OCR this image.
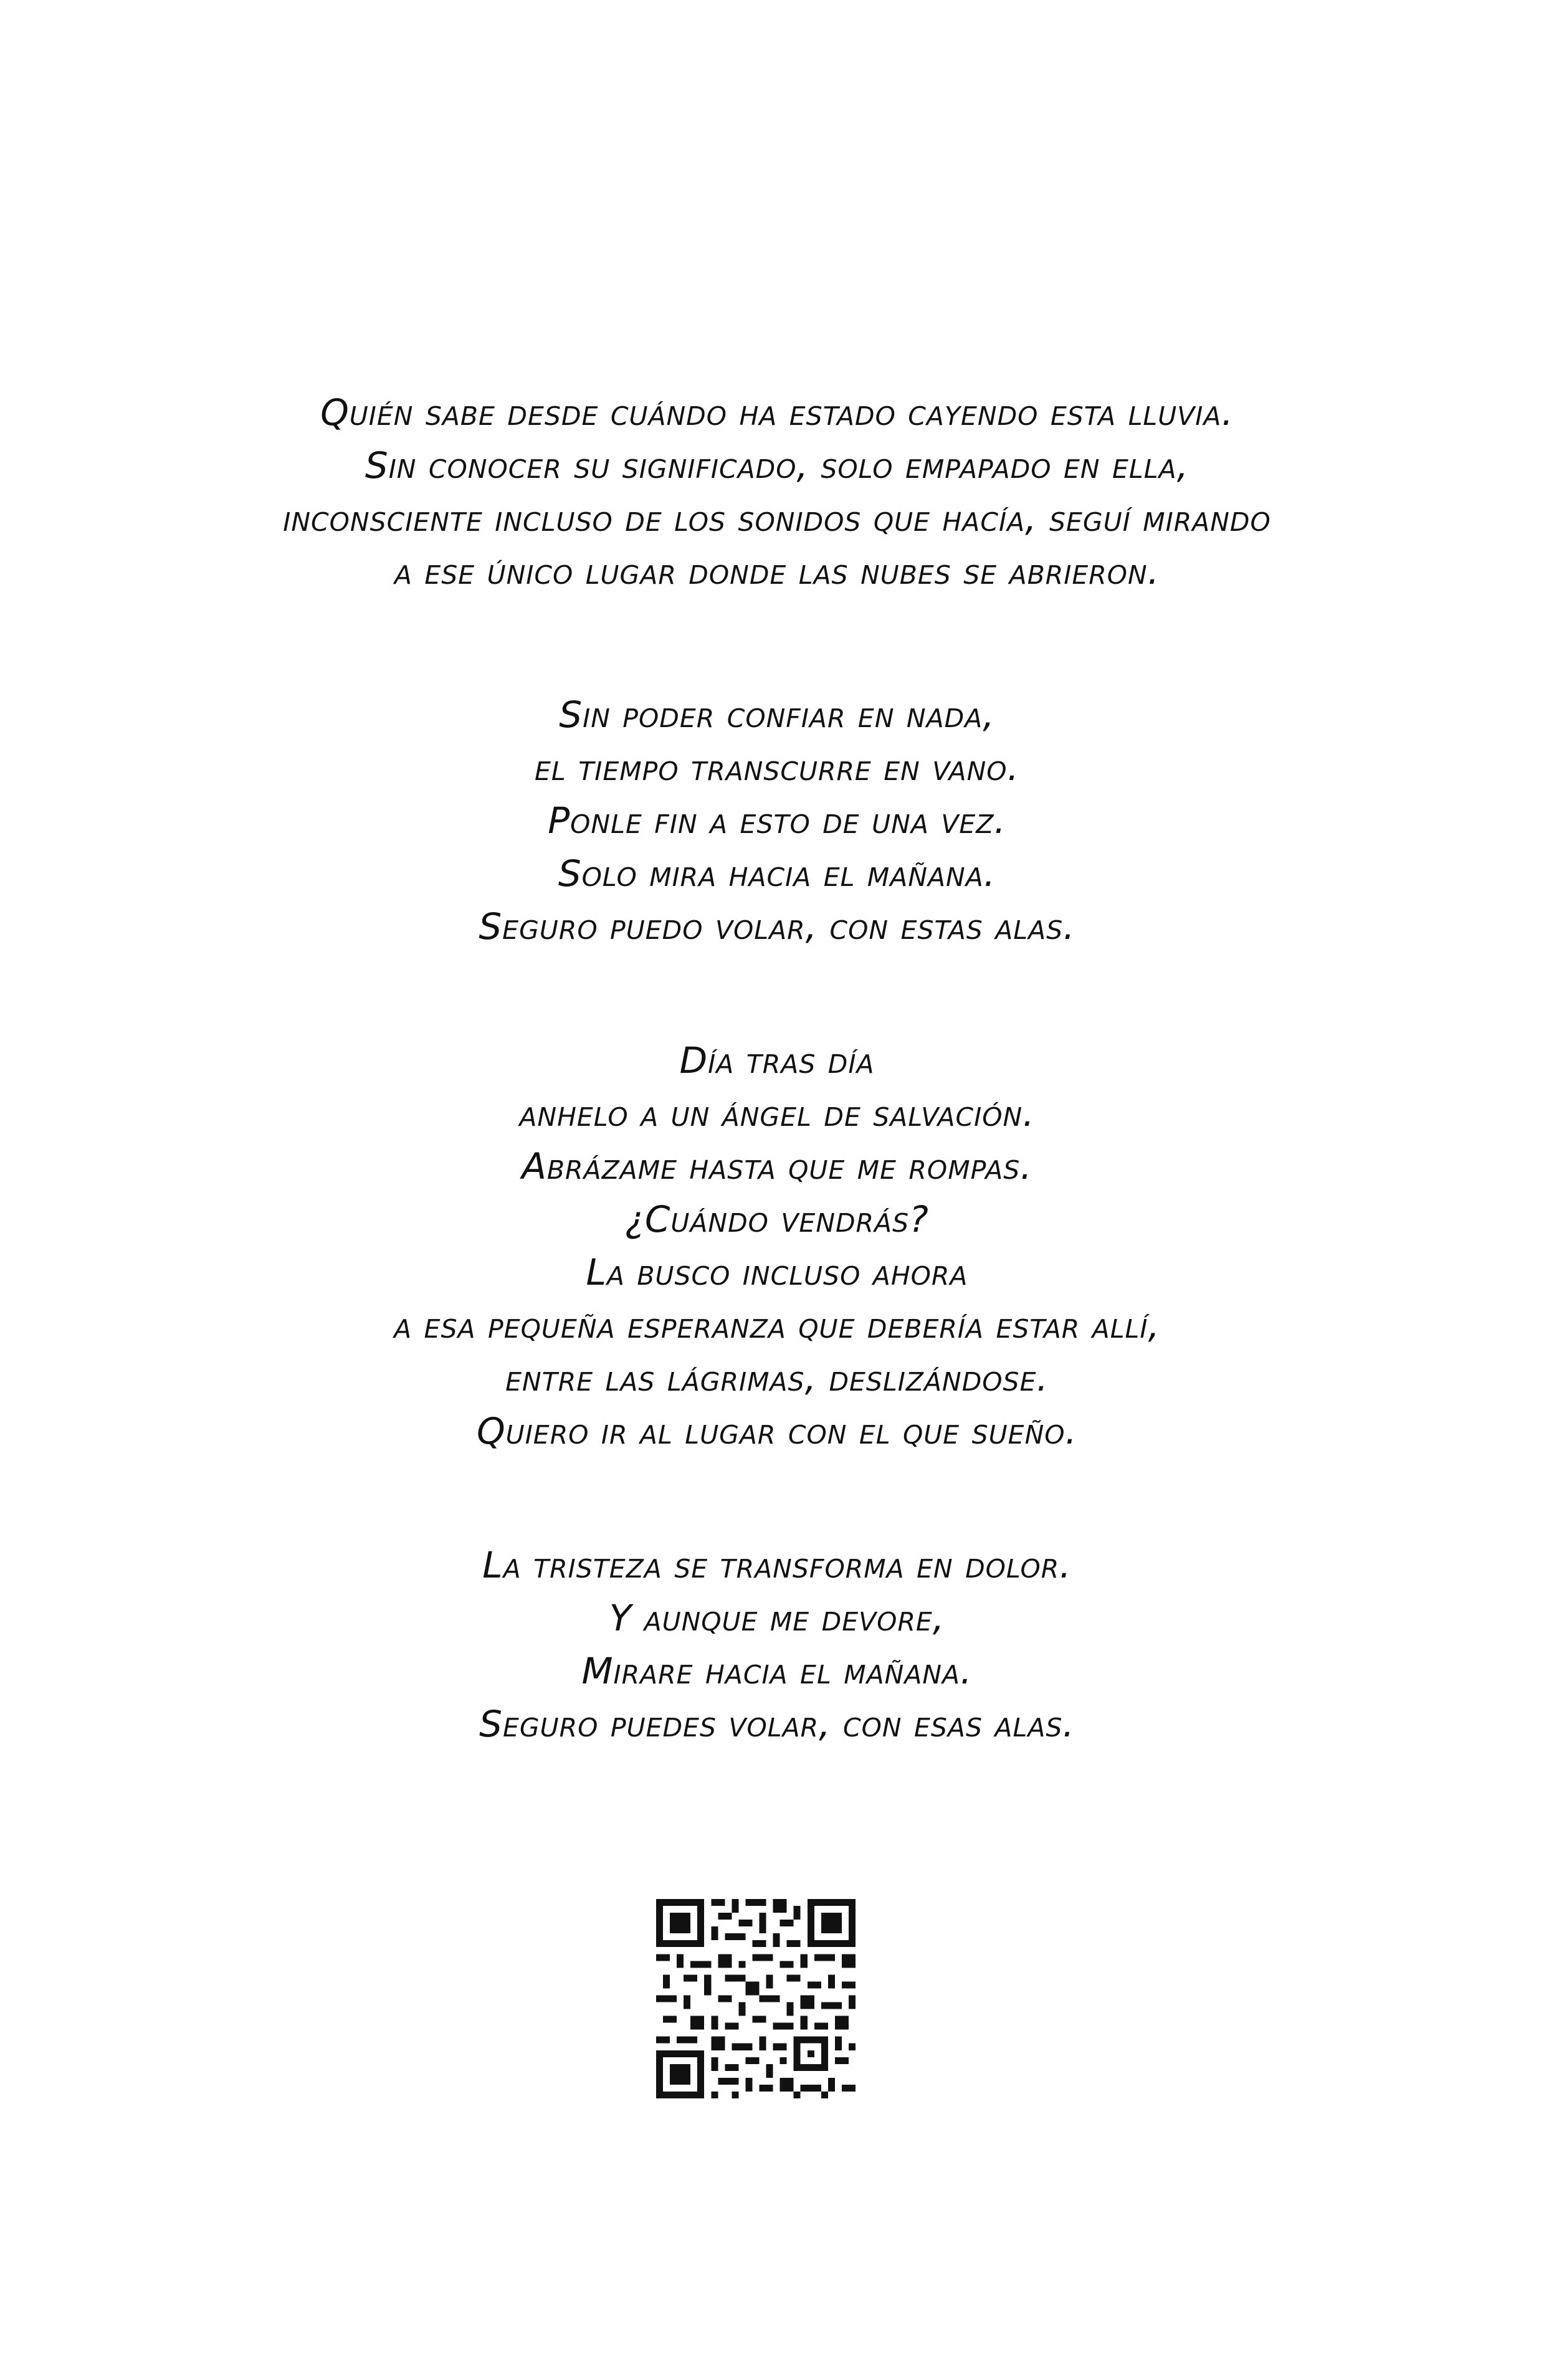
Quién sabe desde cuándo ha estado cayendo esta lluvia.
Sin conocer su significado, solo empapado en ella,
inconsciente incluso de los sonidos que hacía, seguí mirando
a ese único lugar donde las nubes se abrieron.
Sin poder confiar en nada,
el tiempo transcurre en vano.
Ponle fin a esto de una vez.
Solo mira hacia el mañana.
Seguro puedo volar, con estas alas.
Día tras día
anhelo a un ángel de salvación.
Abrázame hasta que me rompas.
¿Cuándo vendrás?
La busco incluso ahora
a esa pequeña esperanza que debería estar allí,
entre las lágrimas, deslizándose.
Quiero ir al lugar con el que sueño.
La tristeza se transforma en dolor.
Y aunque me devore,
Mirare hacia el mañana.
Seguro puedes volar, con esas alas.
